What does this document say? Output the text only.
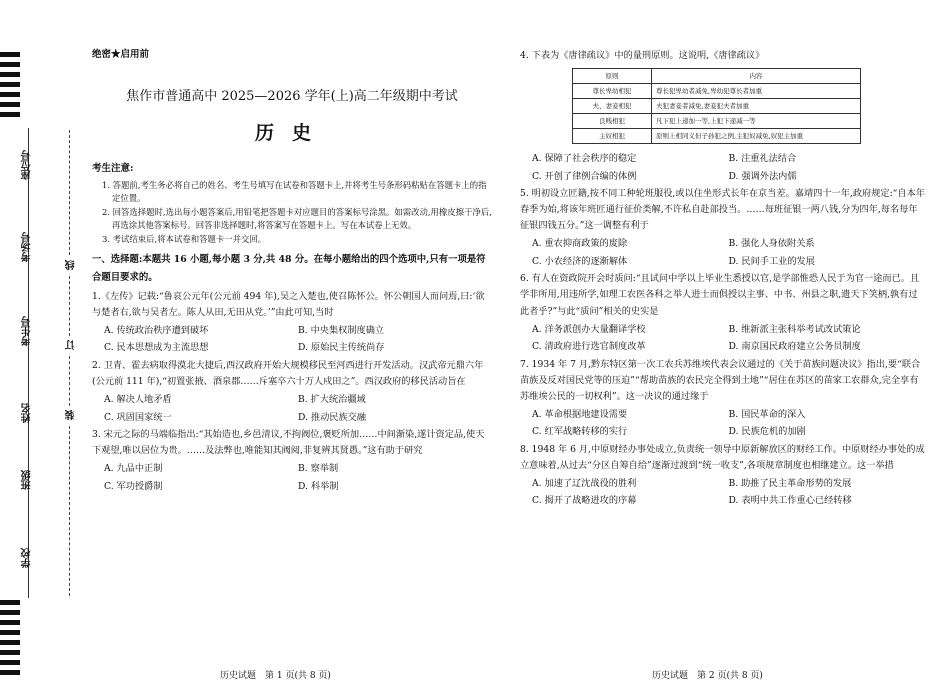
座位号
考场号
考生号
姓名
班级
学校
线
订
装
绝密★启用前
焦作市普通高中 2025—2026 学年(上)高二年级期中考试
历史
考生注意:
1. 答题前,考生务必将自己的姓名、考生号填写在试卷和答题卡上,并将考生号条形码粘贴在答题卡上的指定位置。
2. 回答选择题时,选出每小题答案后,用铅笔把答题卡对应题目的答案标号涂黑。如需改动,用橡皮擦干净后,再选涂其他答案标号。回答非选择题时,将答案写在答题卡上。写在本试卷上无效。
3. 考试结束后,将本试卷和答题卡一并交回。
一、选择题:本题共 16 小题,每小题 3 分,共 48 分。在每小题给出的四个选项中,只有一项是符合题目要求的。
1.《左传》记载:“鲁哀公元年(公元前 494 年),吴之入楚也,使召陈怀公。怀公朝国人而问焉,曰:‘欲与楚者右,欲与吴者左。陈人从田,无田从党。’”由此可知,当时
A. 传统政治秩序遭到破坏	B. 中央集权制度确立
C. 民本思想成为主流思想	D. 原始民主传统尚存
2. 卫青、霍去病取得漠北大捷后,西汉政府开始大规模移民至河西进行开发活动。汉武帝元鼎六年(公元前 111 年),“初置张掖、酒泉郡……斥塞卒六十万人戍田之”。西汉政府的移民活动旨在
A. 解决人地矛盾	B. 扩大统治疆域
C. 巩固国家统一	D. 推动民族交融
3. 宋元之际的马端临指出:“其始造也,乡邑清议,不拘阀位,褒贬所加……中间渐染,遂计资定品,使天下观望,唯以居位为贵。……及法弊也,唯能知其阀阅,非复辨其贤愚。”这有助于研究
A. 九品中正制	B. 察举制
C. 军功授爵制	D. 科举制
历史试题　第 1 页(共 8 页)
4. 下表为《唐律疏议》中的量刑原则。这说明,《唐律疏议》
原则	内容
尊长卑幼相犯	尊长犯卑幼者减免,卑幼犯尊长者加重
夫、妻妾相犯	夫犯妻妾者减免,妻妾犯夫者加重
良贱相犯	凡下犯上递加一等,上犯下递减一等
主奴相犯	原则上相同义但子孙犯之例,主犯奴减免,奴犯主加重
A. 保障了社会秩序的稳定	B. 注重礼法结合
C. 开创了律例合编的体例	D. 强调外法内儒
5. 明初设立匠籍,按不同工种轮班服役,或以住坐形式长年在京当差。嘉靖四十一年,政府规定:“自本年春季为始,将该年班匠通行征价类解,不许私自赴部投当。……每班征银一两八钱,分为四年,每名每年征银四钱五分。”这一调整有利于
A. 重农抑商政策的废除	B. 强化人身依附关系
C. 小农经济的逐渐解体	D. 民间手工业的发展
6. 有人在资政院开会时质问:“且试问中学以上毕业生悉授以官,是学部惟恐人民于为官一途而已。且学非所用,用违所学,如理工农医各科之举人进士而俱授以主事、中书、州县之职,遗天下笑柄,孰有过此者乎?”与此“质问”相关的史实是
A. 洋务派创办大量翻译学校	B. 维新派主张科举考试改试策论
C. 清政府进行选官制度改革	D. 南京国民政府建立公务员制度
7. 1934 年 7 月,黔东特区第一次工农兵苏维埃代表会议通过的《关于苗族问题决议》指出,要“联合苗族及反对国民党等的压迫”“帮助苗族的农民完全得到土地”“居住在苏区的苗家工农群众,完全享有苏维埃公民的一切权利”。这一决议的通过缘于
A. 革命根据地建设需要	B. 国民革命的深入
C. 红军战略转移的实行	D. 民族危机的加剧
8. 1948 年 6 月,中原财经办事处成立,负责统一领导中原新解放区的财经工作。中原财经办事处的成立意味着,从过去“分区自筹自给”逐渐过渡到“统一收支”,各项规章制度也相继建立。这一举措
A. 加速了辽沈战役的胜利	B. 助推了民主革命形势的发展
C. 揭开了战略进攻的序幕	D. 表明中共工作重心已经转移
历史试题　第 2 页(共 8 页)
